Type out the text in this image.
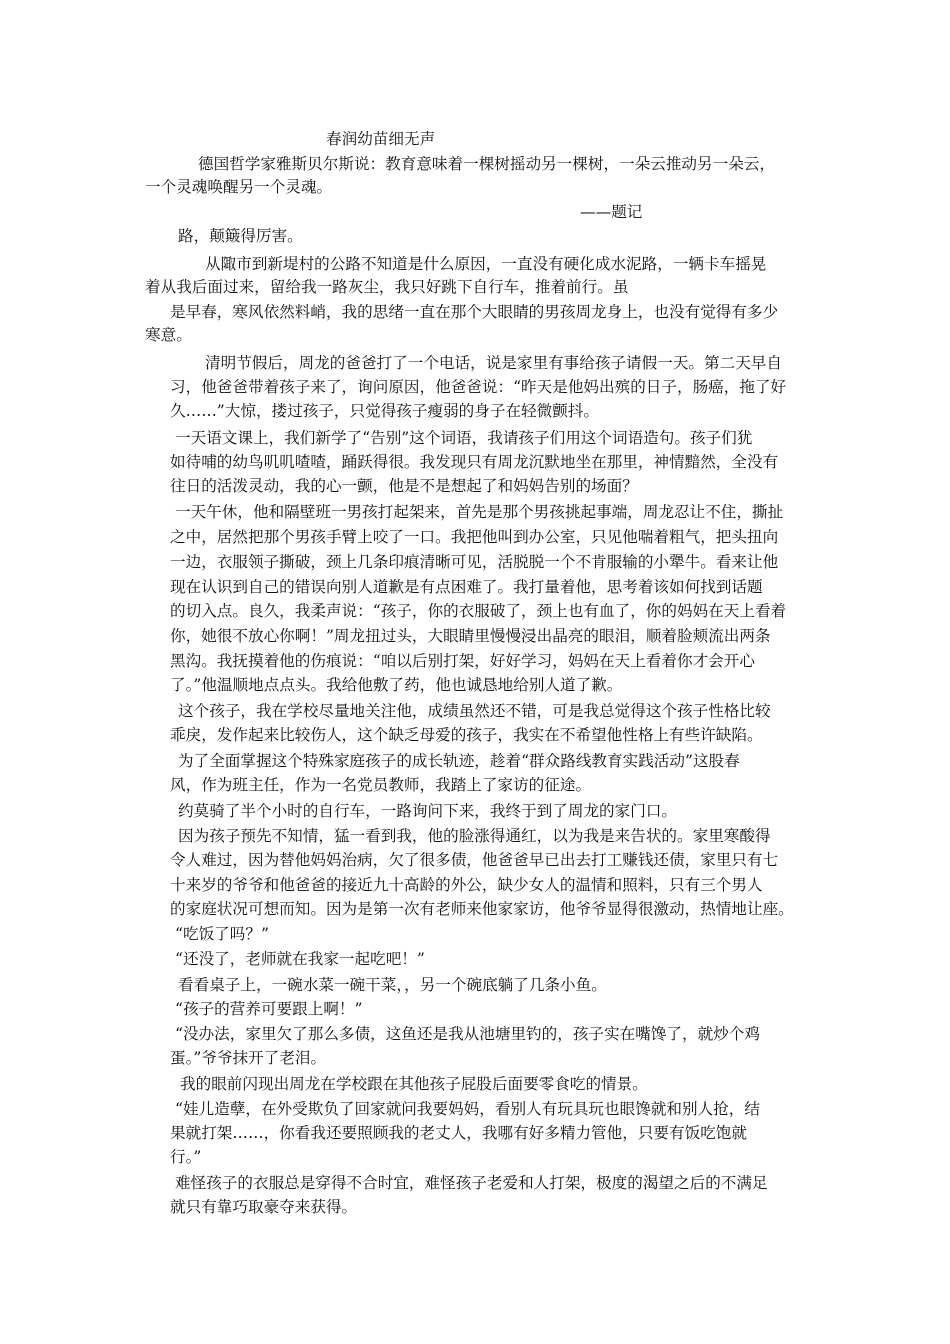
春润幼苗细无声
德国哲学家雅斯贝尔斯说：教育意味着一棵树摇动另一棵树，一朵云推动另一朵云，
一个灵魂唤醒另一个灵魂。
——题记
路，颠簸得厉害。
从陬市到新堤村的公路不知道是什么原因，一直没有硬化成水泥路，一辆卡车摇晃
着从我后面过来，留给我一路灰尘，我只好跳下自行车，推着前行。虽
是早春，寒风依然料峭，我的思绪一直在那个大眼睛的男孩周龙身上，也没有觉得有多少
寒意。
清明节假后，周龙的爸爸打了一个电话，说是家里有事给孩子请假一天。第二天早自
习，他爸爸带着孩子来了，询问原因，他爸爸说：“昨天是他妈出殡的日子，肠癌，拖了好
久……”大惊，搂过孩子，只觉得孩子瘦弱的身子在轻微颤抖。
一天语文课上，我们新学了“告别”这个词语，我请孩子们用这个词语造句。孩子们犹
如待哺的幼鸟叽叽喳喳，踊跃得很。我发现只有周龙沉默地坐在那里，神情黯然，全没有
往日的活泼灵动，我的心一颤，他是不是想起了和妈妈告别的场面？
一天午休，他和隔壁班一男孩打起架来，首先是那个男孩挑起事端，周龙忍让不住，撕扯
之中，居然把那个男孩手臂上咬了一口。我把他叫到办公室，只见他喘着粗气，把头扭向
一边，衣服领子撕破，颈上几条印痕清晰可见，活脱脱一个不肯服输的小犟牛。看来让他
现在认识到自己的错误向别人道歉是有点困难了。我打量着他，思考着该如何找到话题
的切入点。良久，我柔声说：“孩子，你的衣服破了，颈上也有血了，你的妈妈在天上看着
你，她很不放心你啊！”周龙扭过头，大眼睛里慢慢浸出晶亮的眼泪，顺着脸颊流出两条
黑沟。我抚摸着他的伤痕说：“咱以后别打架，好好学习，妈妈在天上看着你才会开心
了。”他温顺地点点头。我给他敷了药，他也诚恳地给别人道了歉。
这个孩子，我在学校尽量地关注他，成绩虽然还不错，可是我总觉得这个孩子性格比较
乖戾，发作起来比较伤人，这个缺乏母爱的孩子，我实在不希望他性格上有些许缺陷。
为了全面掌握这个特殊家庭孩子的成长轨迹，趁着“群众路线教育实践活动”这股春
风，作为班主任，作为一名党员教师，我踏上了家访的征途。
约莫骑了半个小时的自行车，一路询问下来，我终于到了周龙的家门口。
因为孩子预先不知情，猛一看到我，他的脸涨得通红，以为我是来告状的。家里寒酸得
令人难过，因为替他妈妈治病，欠了很多债，他爸爸早已出去打工赚钱还债，家里只有七
十来岁的爷爷和他爸爸的接近九十高龄的外公，缺少女人的温情和照料，只有三个男人
的家庭状况可想而知。因为是第一次有老师来他家家访，他爷爷显得很激动，热情地让座。
“吃饭了吗？”
“还没了，老师就在我家一起吃吧！”
看看桌子上，一碗水菜一碗干菜，，另一个碗底躺了几条小鱼。
“孩子的营养可要跟上啊！”
“没办法，家里欠了那么多债，这鱼还是我从池塘里钓的，孩子实在嘴馋了，就炒个鸡
蛋。”爷爷抹开了老泪。
我的眼前闪现出周龙在学校跟在其他孩子屁股后面要零食吃的情景。
“娃儿造孽，在外受欺负了回家就问我要妈妈，看别人有玩具玩也眼馋就和别人抢，结
果就打架……，你看我还要照顾我的老丈人，我哪有好多精力管他，只要有饭吃饱就
行。”
难怪孩子的衣服总是穿得不合时宜，难怪孩子老爱和人打架，极度的渴望之后的不满足
就只有靠巧取豪夺来获得。
